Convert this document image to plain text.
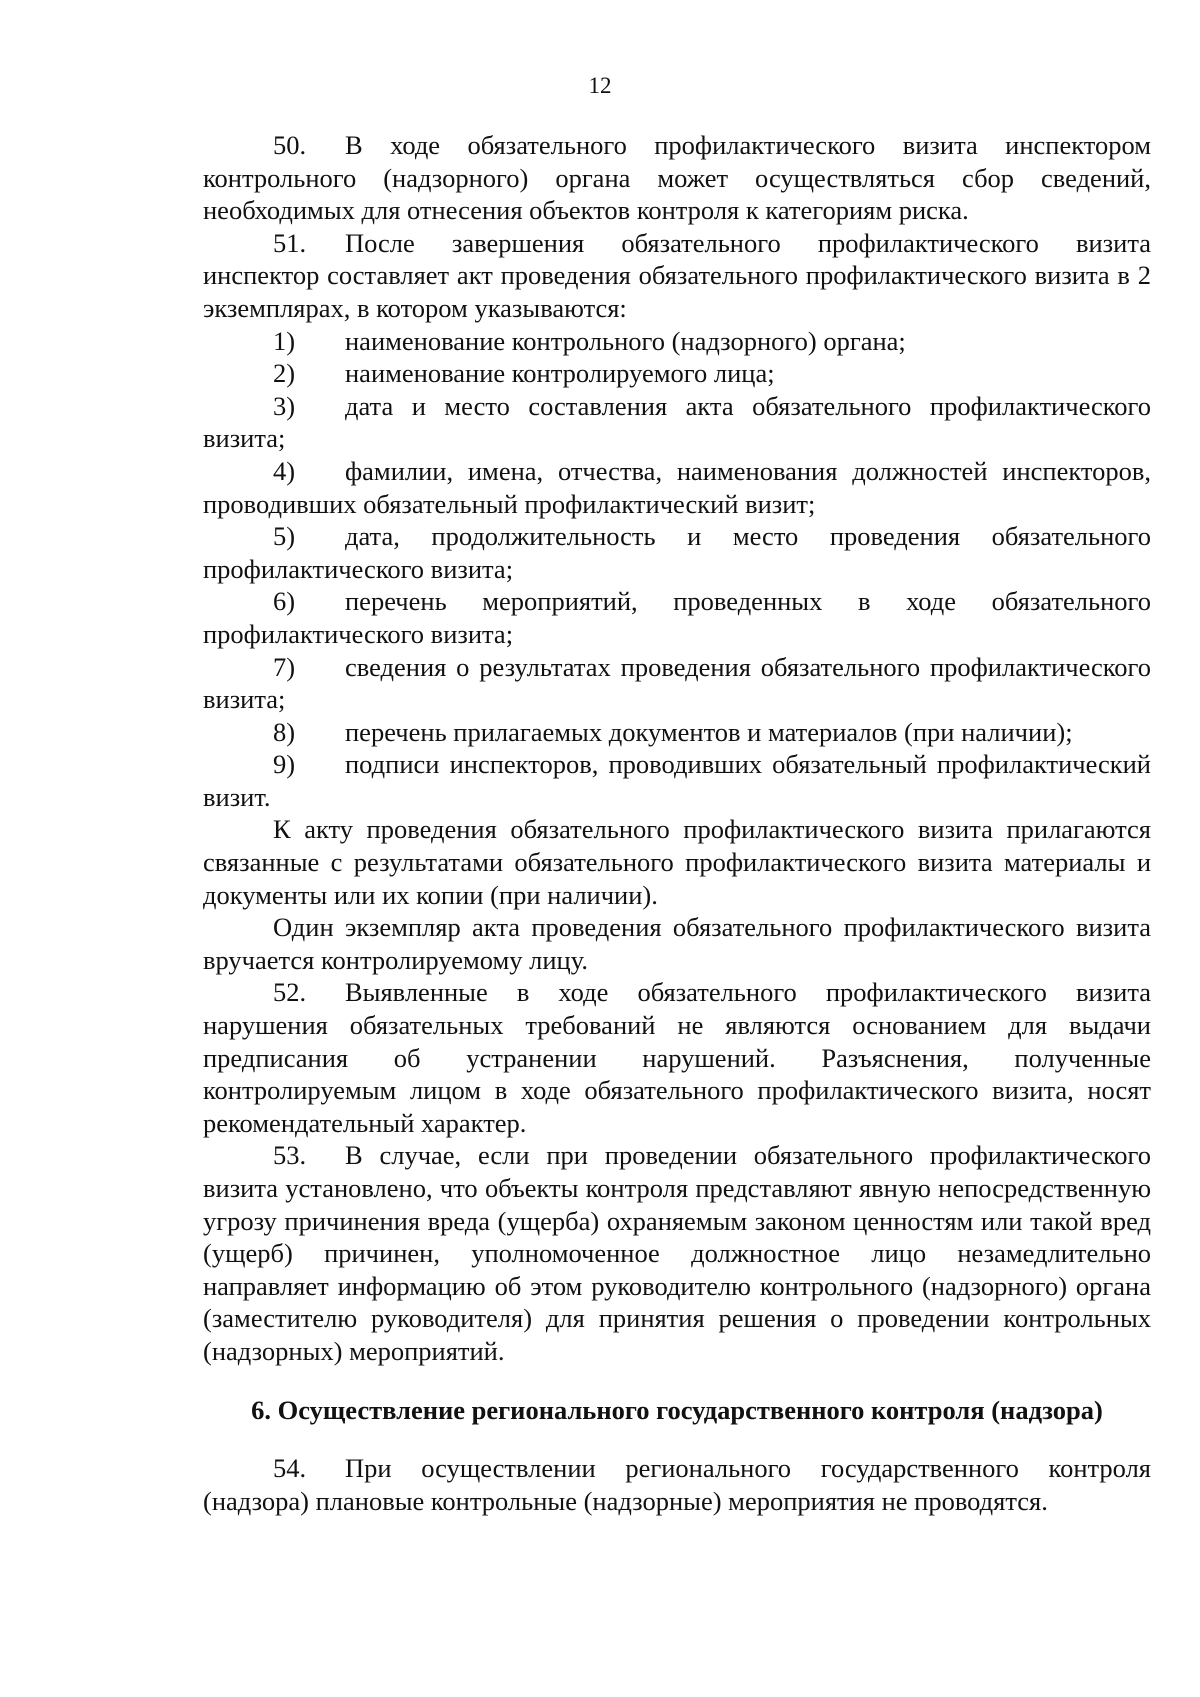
12

50. В ходе обязательного профилактического визита инспектором контрольного (надзорного) органа может осуществляться сбор сведений, необходимых для отнесения объектов контроля к категориям риска.

51. После завершения обязательного профилактического визита инспектор составляет акт проведения обязательного профилактического визита в 2 экземплярах, в котором указываются:

1) наименование контрольного (надзорного) органа;

2) наименование контролируемого лица;

3) дата и место составления акта обязательного профилактического визита;

4) фамилии, имена, отчества, наименования должностей инспекторов, проводивших обязательный профилактический визит;

5) дата, продолжительность и место проведения обязательного профилактического визита;

6) перечень мероприятий, проведенных в ходе обязательного профилактического визита;

7) сведения о результатах проведения обязательного профилактического визита;

8) перечень прилагаемых документов и материалов (при наличии);

9) подписи инспекторов, проводивших обязательный профилактический визит.

К акту проведения обязательного профилактического визита прилагаются связанные с результатами обязательного профилактического визита материалы и документы или их копии (при наличии).

Один экземпляр акта проведения обязательного профилактического визита вручается контролируемому лицу.

52. Выявленные в ходе обязательного профилактического визита нарушения обязательных требований не являются основанием для выдачи предписания об устранении нарушений. Разъяснения, полученные контролируемым лицом в ходе обязательного профилактического визита, носят рекомендательный характер.

53. В случае, если при проведении обязательного профилактического визита установлено, что объекты контроля представляют явную непосредственную угрозу причинения вреда (ущерба) охраняемым законом ценностям или такой вред (ущерб) причинен, уполномоченное должностное лицо незамедлительно направляет информацию об этом руководителю контрольного (надзорного) органа (заместителю руководителя) для принятия решения о проведении контрольных (надзорных) мероприятий.

6. Осуществление регионального государственного контроля (надзора)

54. При осуществлении регионального государственного контроля (надзора) плановые контрольные (надзорные) мероприятия не проводятся.
